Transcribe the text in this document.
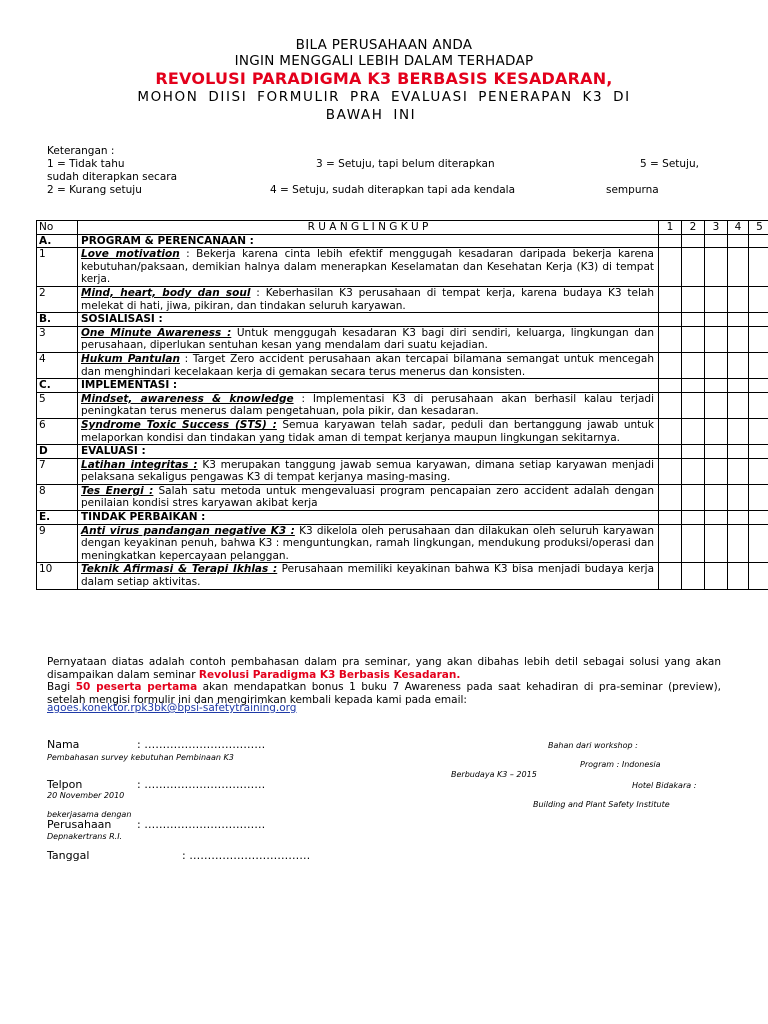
BILA PERUSAHAAN ANDA
INGIN MENGGALI LEBIH DALAM TERHADAP
REVOLUSI PARADIGMA K3 BERBASIS KESADARAN,
MOHON DIISI FORMULIR PRA EVALUASI PENERAPAN K3 DI
BAWAH INI
Keterangan :
1 = Tidak tahu	3 = Setuju, tapi belum diterapkan	5 = Setuju,
sudah diterapkan secara
2 = Kurang setuju	4 = Setuju, sudah diterapkan tapi ada kendala	sempurna
No	R U A N G L I N G K U P	1	2	3	4	5
A.	PROGRAM & PERENCANAAN :					
1	Love motivation : Bekerja karena cinta lebih efektif menggugah kesadaran daripada bekerja karena kebutuhan/paksaan, demikian halnya dalam menerapkan Keselamatan dan Kesehatan Kerja (K3) di tempat kerja.					
2	Mind, heart, body dan soul : Keberhasilan K3 perusahaan di tempat kerja, karena budaya K3 telah melekat di hati, jiwa, pikiran, dan tindakan seluruh karyawan.					
B.	SOSIALISASI :					
3	One Minute Awareness : Untuk menggugah kesadaran K3 bagi diri sendiri, keluarga, lingkungan dan perusahaan, diperlukan sentuhan kesan yang mendalam dari suatu kejadian.					
4	Hukum Pantulan : Target Zero accident perusahaan akan tercapai bilamana semangat untuk mencegah dan menghindari kecelakaan kerja di gemakan secara terus menerus dan konsisten.					
C.	IMPLEMENTASI :					
5	Mindset, awareness & knowledge : Implementasi K3 di perusahaan akan berhasil kalau terjadi peningkatan terus menerus dalam pengetahuan, pola pikir, dan kesadaran.					
6	Syndrome Toxic Success (STS) : Semua karyawan telah sadar, peduli dan bertanggung jawab untuk melaporkan kondisi dan tindakan yang tidak aman di tempat kerjanya maupun lingkungan sekitarnya.					
D	EVALUASI :					
7	Latihan integritas : K3 merupakan tanggung jawab semua karyawan, dimana setiap karyawan menjadi pelaksana sekaligus pengawas K3 di tempat kerjanya masing-masing.					
8	Tes Energi : Salah satu metoda untuk mengevaluasi program pencapaian zero accident adalah dengan penilaian kondisi stres karyawan akibat kerja					
E.	TINDAK PERBAIKAN :					
9	Anti virus pandangan negative K3 : K3 dikelola oleh perusahaan dan dilakukan oleh seluruh karyawan dengan keyakinan penuh, bahwa K3 : menguntungkan, ramah lingkungan, mendukung produksi/operasi dan meningkatkan kepercayaan pelanggan.					
10	Teknik Afirmasi & Terapi Ikhlas : Perusahaan memiliki keyakinan bahwa K3 bisa menjadi budaya kerja dalam setiap aktivitas.					
Pernyataan diatas adalah contoh pembahasan dalam pra seminar, yang akan dibahas lebih detil sebagai solusi yang akan disampaikan dalam seminar Revolusi Paradigma K3 Berbasis Kesadaran.
Bagi 50 peserta pertama akan mendapatkan bonus 1 buku 7 Awareness pada saat kehadiran di pra-seminar (preview), setelah mengisi formulir ini dan mengirimkan kembali kepada kami pada email:
agoes.konektor.rpk3bk@bpsi-safetytraining.org
Nama	: ……………………………
Pembahasan survey kebutuhan Pembinaan K3
Telpon	: ……………………………
20 November 2010
bekerjasama dengan
Perusahaan : ……………………………
Depnakertrans R.I.
Tanggal	: ……………………………
Bahan dari workshop :
Program : Indonesia
Berbudaya K3 – 2015
Hotel Bidakara :
Building and Plant Safety Institute
